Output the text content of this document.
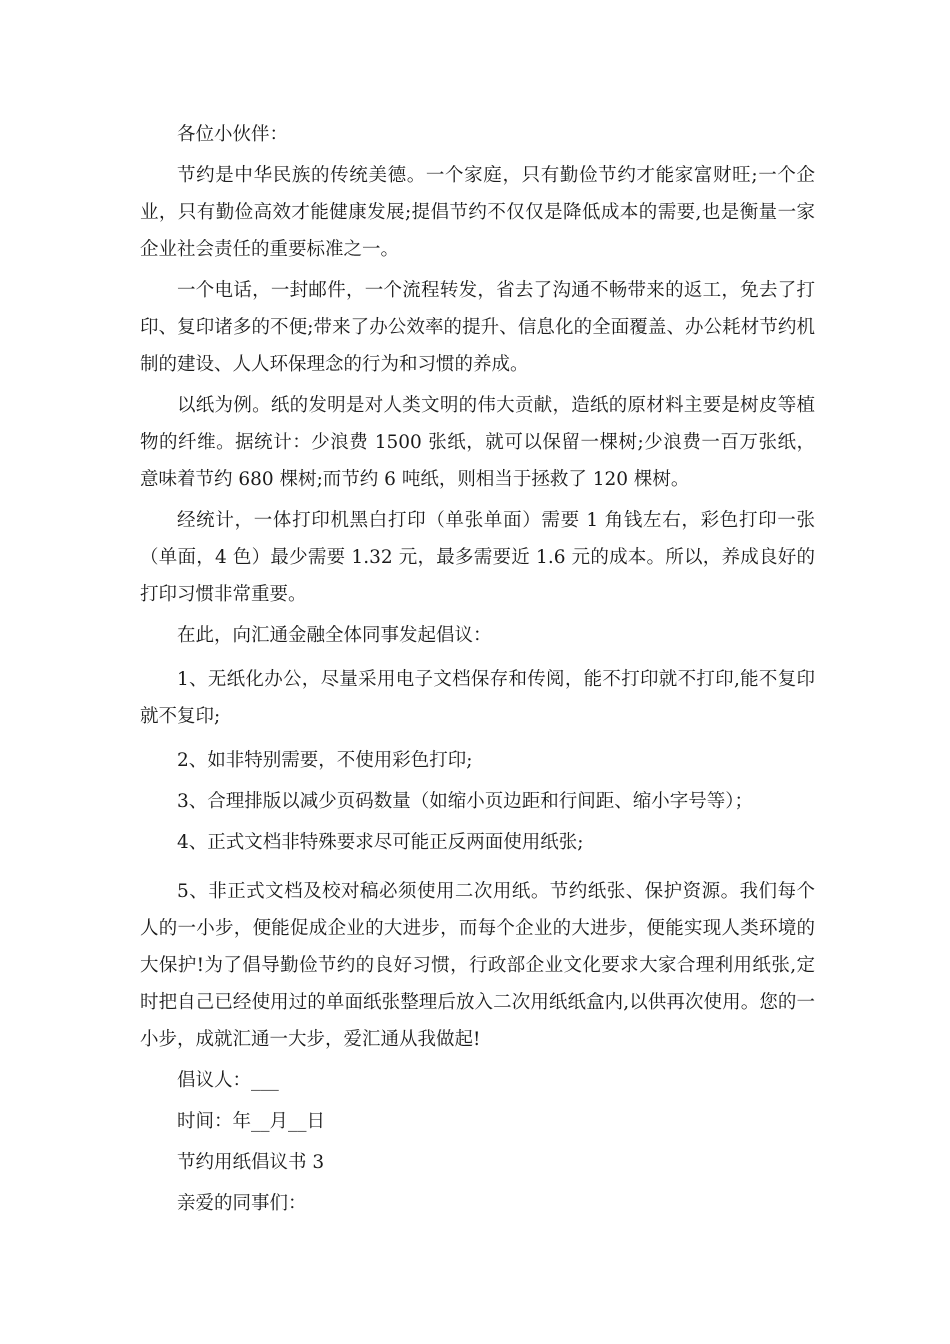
各位小伙伴：

节约是中华民族的传统美德。一个家庭，只有勤俭节约才能家富财旺;一个企业，只有勤俭高效才能健康发展;提倡节约不仅仅是降低成本的需要,也是衡量一家企业社会责任的重要标准之一。

一个电话，一封邮件，一个流程转发，省去了沟通不畅带来的返工，免去了打印、复印诸多的不便;带来了办公效率的提升、信息化的全面覆盖、办公耗材节约机制的建设、人人环保理念的行为和习惯的养成。

以纸为例。纸的发明是对人类文明的伟大贡献，造纸的原材料主要是树皮等植物的纤维。据统计：少浪费 1500 张纸，就可以保留一棵树;少浪费一百万张纸，意味着节约 680 棵树;而节约 6 吨纸，则相当于拯救了 120 棵树。

经统计，一体打印机黑白打印（单张单面）需要 1 角钱左右，彩色打印一张（单面，4 色）最少需要 1.32 元，最多需要近 1.6 元的成本。所以，养成良好的打印习惯非常重要。

在此，向汇通金融全体同事发起倡议：

1、无纸化办公，尽量采用电子文档保存和传阅，能不打印就不打印,能不复印就不复印;

2、如非特别需要，不使用彩色打印;

3、合理排版以减少页码数量（如缩小页边距和行间距、缩小字号等）；

4、正式文档非特殊要求尽可能正反两面使用纸张;

5、非正式文档及校对稿必须使用二次用纸。节约纸张、保护资源。我们每个人的一小步，便能促成企业的大进步，而每个企业的大进步，便能实现人类环境的大保护!为了倡导勤俭节约的良好习惯，行政部企业文化要求大家合理利用纸张,定时把自己已经使用过的单面纸张整理后放入二次用纸纸盒内,以供再次使用。您的一小步，成就汇通一大步，爱汇通从我做起!

倡议人：___

时间：年__月__日

节约用纸倡议书 3

亲爱的同事们：
